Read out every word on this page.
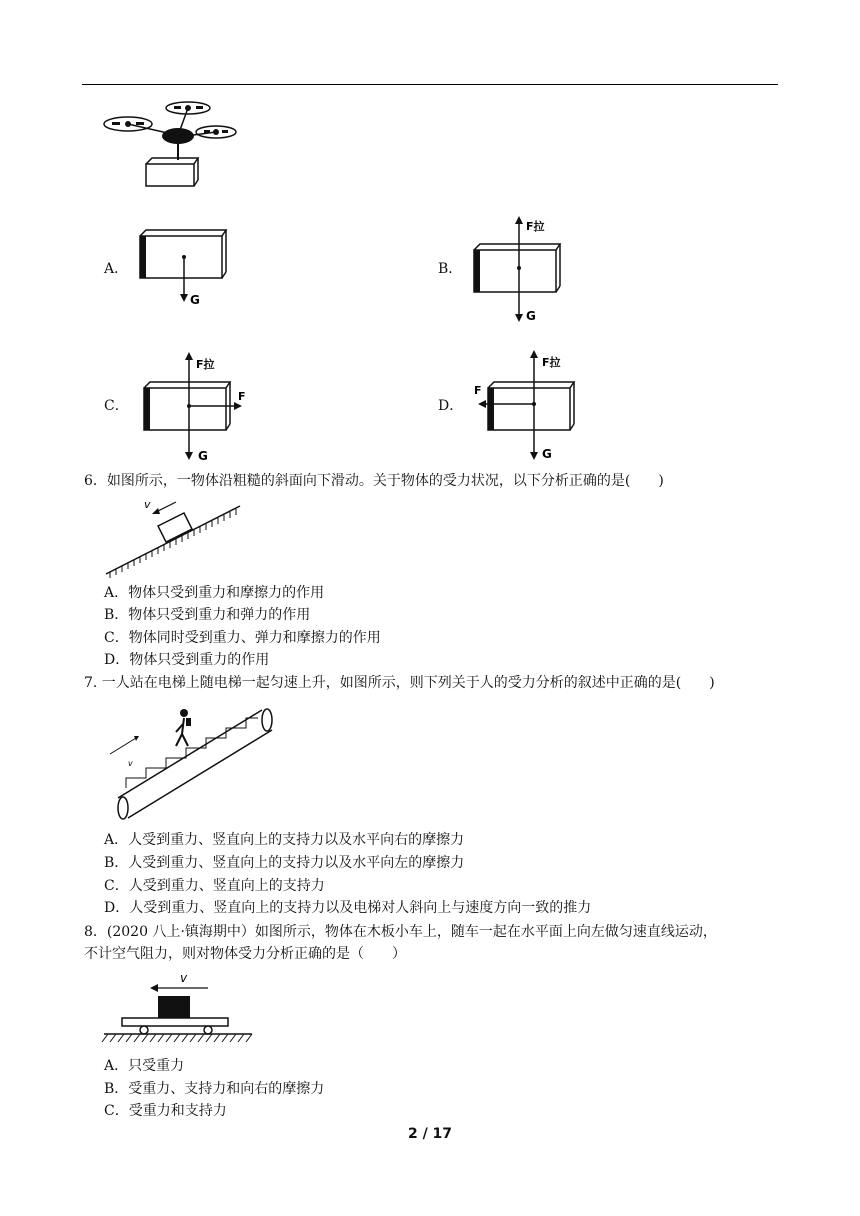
A．
G
B．
F拉
G
C．
F拉
F
G
D．
F拉
F
G
6．如图所示，一物体沿粗糙的斜面向下滑动。关于物体的受力状况，以下分析正确的是(　　)
v
A．物体只受到重力和摩擦力的作用
B．物体只受到重力和弹力的作用
C．物体同时受到重力、弹力和摩擦力的作用
D．物体只受到重力的作用
7. 一人站在电梯上随电梯一起匀速上升，如图所示，则下列关于人的受力分析的叙述中正确的是(　　)
v
A．人受到重力、竖直向上的支持力以及水平向右的摩擦力
B．人受到重力、竖直向上的支持力以及水平向左的摩擦力
C．人受到重力、竖直向上的支持力
D．人受到重力、竖直向上的支持力以及电梯对人斜向上与速度方向一致的推力
8．(2020 八上·镇海期中）如图所示，物体在木板小车上，随车一起在水平面上向左做匀速直线运动，
不计空气阻力，则对物体受力分析正确的是（　　）
v
A．只受重力
B．受重力、支持力和向右的摩擦力
C．受重力和支持力
2 / 17
